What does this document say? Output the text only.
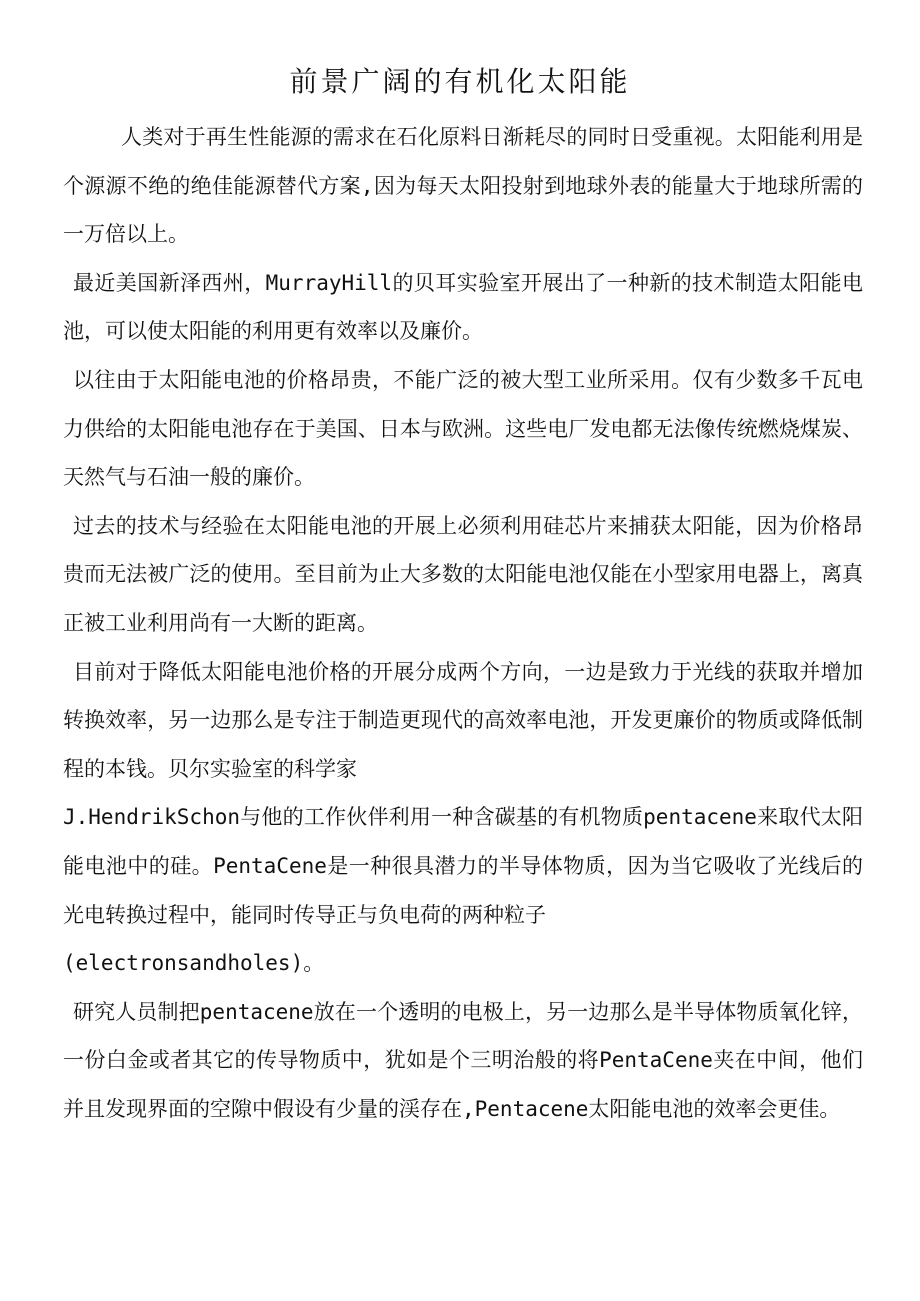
前景广阔的有机化太阳能

人类对于再生性能源的需求在石化原料日渐耗尽的同时日受重视。太阳能利用是个源源不绝的绝佳能源替代方案,因为每天太阳投射到地球外表的能量大于地球所需的一万倍以上。

最近美国新泽西州，MurrayHill的贝耳实验室开展出了一种新的技术制造太阳能电池，可以使太阳能的利用更有效率以及廉价。

以往由于太阳能电池的价格昂贵，不能广泛的被大型工业所采用。仅有少数多千瓦电力供给的太阳能电池存在于美国、日本与欧洲。这些电厂发电都无法像传统燃烧煤炭、天然气与石油一般的廉价。

过去的技术与经验在太阳能电池的开展上必须利用硅芯片来捕获太阳能，因为价格昂贵而无法被广泛的使用。至目前为止大多数的太阳能电池仅能在小型家用电器上，离真正被工业利用尚有一大断的距离。

目前对于降低太阳能电池价格的开展分成两个方向，一边是致力于光线的获取并增加转换效率，另一边那么是专注于制造更现代的高效率电池，开发更廉价的物质或降低制程的本钱。贝尔实验室的科学家

J.HendrikSchon与他的工作伙伴利用一种含碳基的有机物质pentacene来取代太阳能电池中的硅。PentaCene是一种很具潜力的半导体物质，因为当它吸收了光线后的光电转换过程中，能同时传导正与负电荷的两种粒子

(electronsandholes)。

研究人员制把pentacene放在一个透明的电极上，另一边那么是半导体物质氧化锌，一份白金或者其它的传导物质中，犹如是个三明治般的将PentaCene夹在中间，他们并且发现界面的空隙中假设有少量的渓存在,Pentacene太阳能电池的效率会更佳。
